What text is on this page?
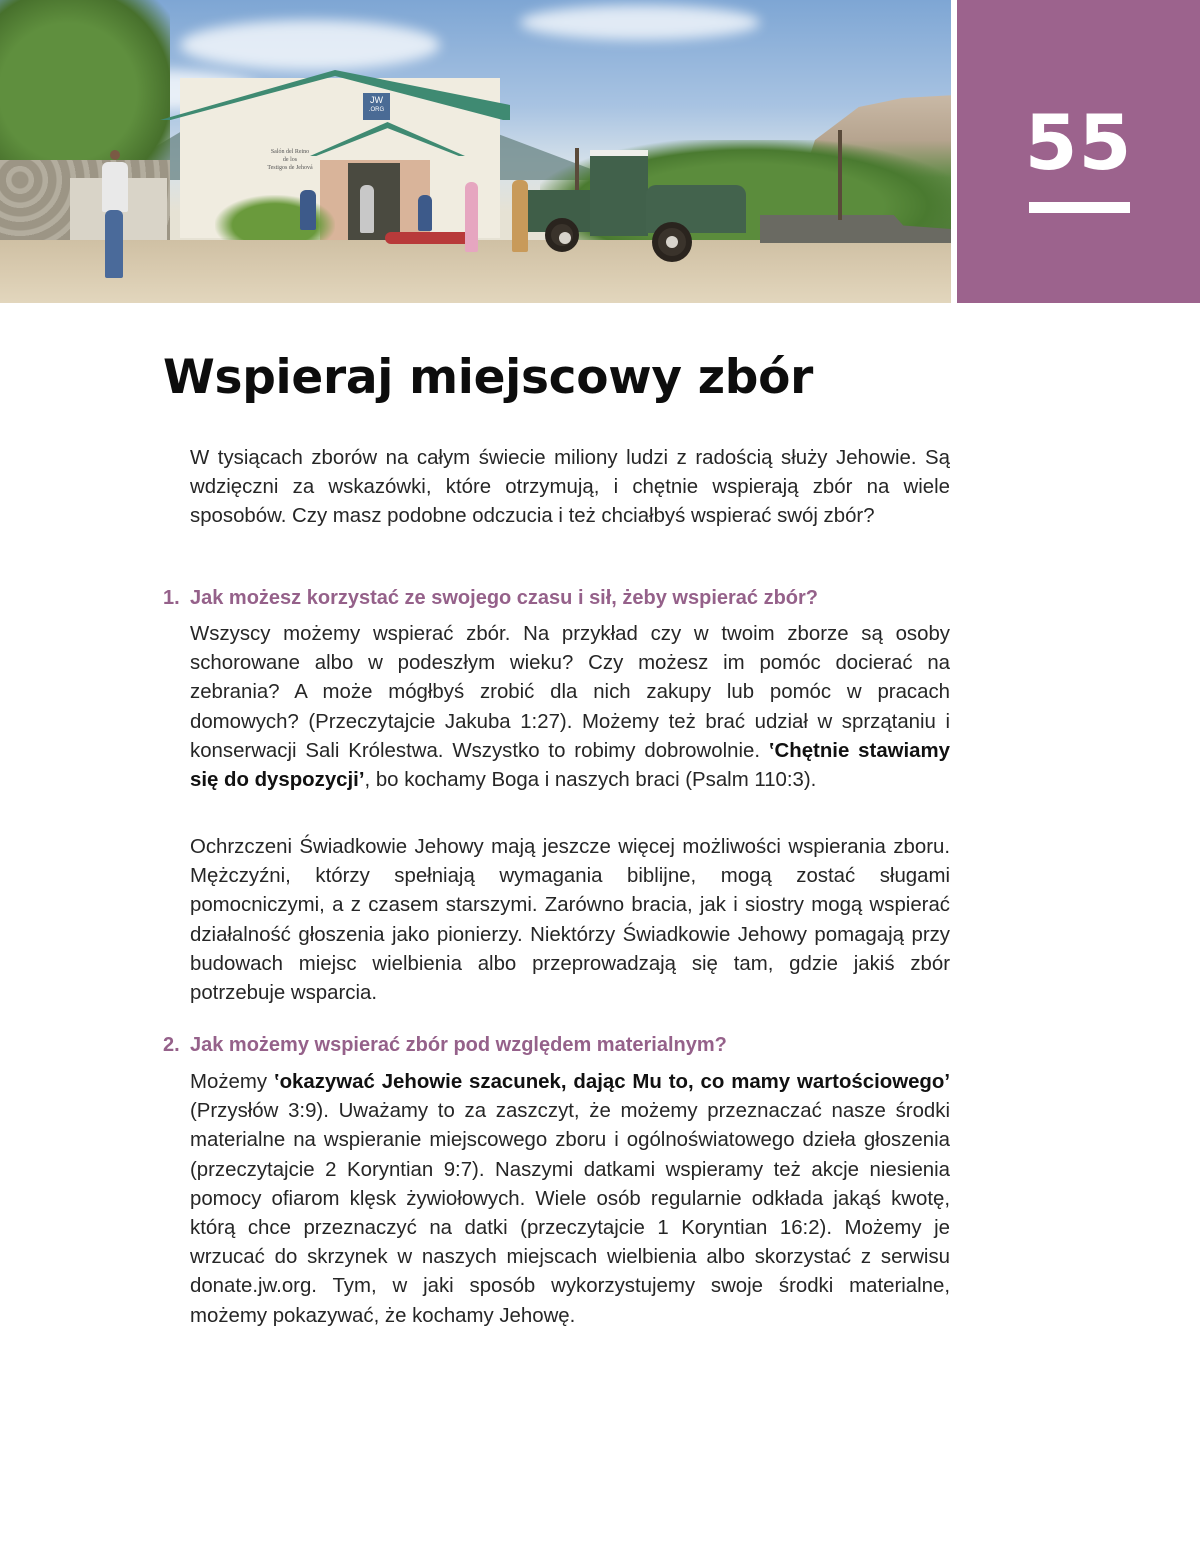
JW
.ORG
Salón del Reino
de los
Testigos de Jehová	55
Wspieraj miejscowy zbór

W tysiącach zborów na całym świecie miliony ludzi z radością służy Jehowie. Są wdzięczni za wskazówki, które otrzymują, i chętnie wspierają zbór na wiele sposobów. Czy masz podobne odczucia i też chciałbyś wspierać swój zbór?

1. Jak możesz korzystać ze swojego czasu i sił, żeby wspierać zbór?

Wszyscy możemy wspierać zbór. Na przykład czy w twoim zborze są osoby schorowane albo w podeszłym wieku? Czy możesz im pomóc docierać na zebrania? A może mógłbyś zrobić dla nich zakupy lub pomóc w pracach domowych? (Przeczytajcie Jakuba 1:27). Możemy też brać udział w sprzątaniu i konserwacji Sali Królestwa. Wszystko to robimy dobrowolnie. ‛Chętnie stawiamy się do dyspozycji’, bo kochamy Boga i naszych braci (Psalm 110:3).

Ochrzczeni Świadkowie Jehowy mają jeszcze więcej możliwości wspierania zboru. Mężczyźni, którzy spełniają wymagania biblijne, mogą zostać sługami pomocniczymi, a z czasem starszymi. Zarówno bracia, jak i siostry mogą wspierać działalność głoszenia jako pionierzy. Niektórzy Świadkowie Jehowy pomagają przy budowach miejsc wielbienia albo przeprowadzają się tam, gdzie jakiś zbór potrzebuje wsparcia.

2. Jak możemy wspierać zbór pod względem materialnym?

Możemy ‛okazywać Jehowie szacunek, dając Mu to, co mamy wartościowego’ (Przysłów 3:9). Uważamy to za zaszczyt, że możemy przeznaczać nasze środki materialne na wspieranie miejscowego zboru i ogólnoświatowego dzieła głoszenia (przeczytajcie 2 Koryntian 9:7). Naszymi datkami wspieramy też akcje niesienia pomocy ofiarom klęsk żywiołowych. Wiele osób regularnie odkłada jakąś kwotę, którą chce przeznaczyć na datki (przeczytajcie 1 Koryntian 16:2). Możemy je wrzucać do skrzynek w naszych miejscach wielbienia albo skorzystać z serwisu donate.jw.org. Tym, w jaki sposób wykorzystujemy swoje środki materialne, możemy pokazywać, że kochamy Jehowę.
